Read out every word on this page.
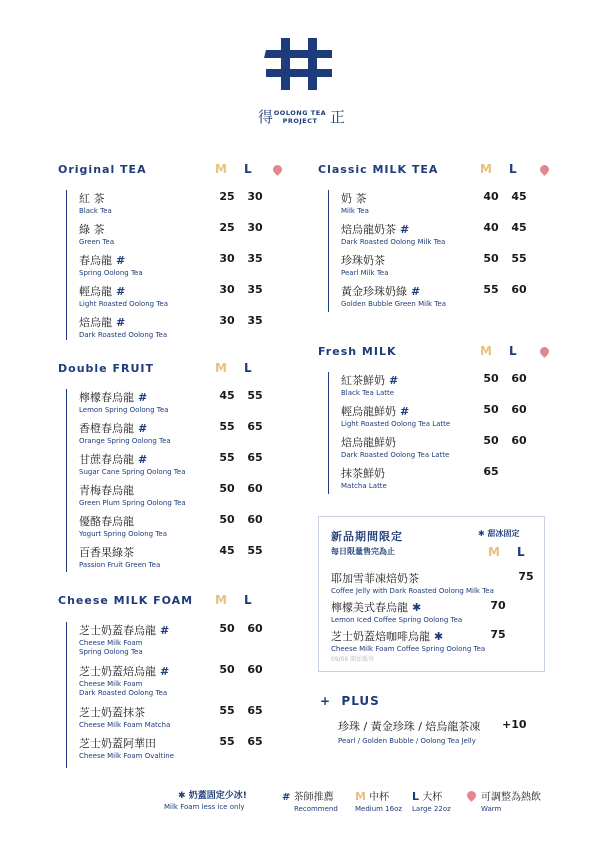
得	正
OOLONG TEA
PROJECT
Original TEA	M L
紅 茶
Black Tea
25	30
綠 茶
Green Tea
25	30
春烏龍 #
Spring Oolong Tea
30	35
輕烏龍 #
Light Roasted Oolong Tea
30	35
焙烏龍 #
Dark Roasted Oolong Tea
30	35
Double FRUIT	M L
檸檬春烏龍 #
Lemon Spring Oolong Tea
45	55
香橙春烏龍 #
Orange Spring Oolong Tea
55	65
甘蔗春烏龍 #
Sugar Cane Spring Oolong Tea
55	65
青梅春烏龍
Green Plum Spring Oolong Tea
50	60
優酪春烏龍
Yogurt Spring Oolong Tea
50	60
百香果綠茶
Passion Fruit Green Tea
45	55
Cheese MILK FOAM M L
芝士奶蓋春烏龍 #
Cheese Milk Foam
Spring Oolong Tea
50	60
芝士奶蓋焙烏龍 #
Cheese Milk Foam
Dark Roasted Oolong Tea
50	60
芝士奶蓋抹茶
Cheese Milk Foam Matcha
55	65
芝士奶蓋阿華田
Cheese Milk Foam Ovaltine
55	65
Classic MILK TEA	M L
奶 茶
Milk Tea
40	45
焙烏龍奶茶 #
Dark Roasted Oolong Milk Tea
40	45
珍珠奶茶
Pearl Milk Tea
50	55
黃金珍珠奶綠 #
Golden Bubble Green Milk Tea
55	60
Fresh MILK	M L
紅茶鮮奶 #
Black Tea Latte
50	60
輕烏龍鮮奶 #
Light Roasted Oolong Tea Latte
50	60
焙烏龍鮮奶
Dark Roasted Oolong Tea Latte
50	60
抹茶鮮奶
Matcha Latte
65
新品期間限定	✱ 甜冰固定
每日限量售完為止	M L
耶加雪菲凍焙奶茶
Coffee Jelly with Dark Roasted Oolong Milk Tea
75
檸檬美式春烏龍 ✱
Lemon Iced Coffee Spring Oolong Tea
70
芝士奶蓋焙咖啡烏龍 ✱
Cheese Milk Foam Coffee Spring Oolong Tea
09/06 開始販售
75
+ PLUS
珍珠 / 黃金珍珠 / 焙烏龍茶凍
Pearl / Golden Bubble / Oolong Tea Jelly
+10
✱ 奶蓋固定少冰!
Milk Foam less ice only
# 茶師推薦
Recommend
M 中杯
Medium 16oz
L 大杯
Large 22oz
可調整為熱飲
Warm
